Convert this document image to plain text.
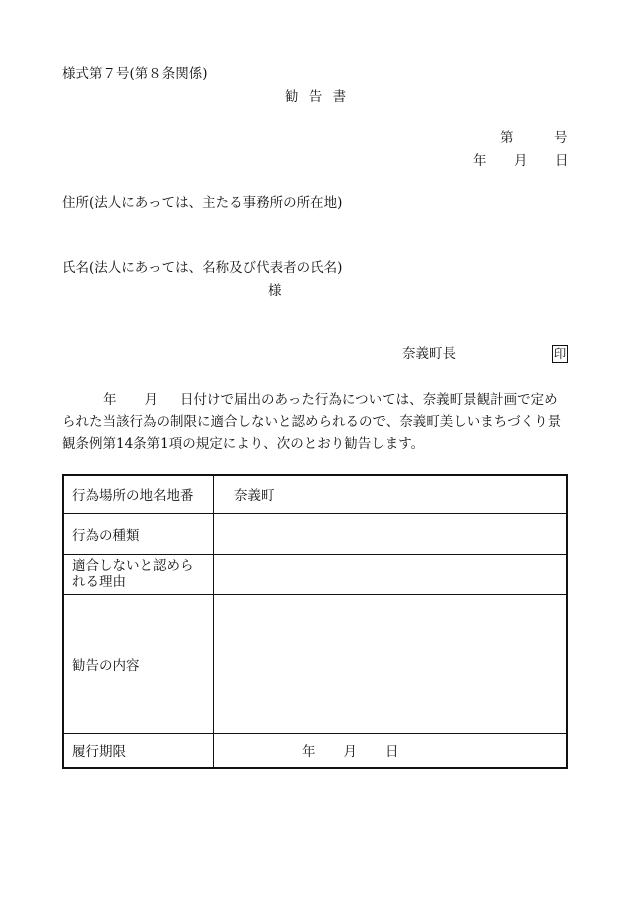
様式第７号(第８条関係)
勧 告 書
第	号
年 月 日
住所(法人にあっては、主たる事務所の所在地)
氏名(法人にあっては、名称及び代表者の氏名)
様
奈義町長	印
年 月 日付けで届出のあった行為については、奈義町景観計画で定め
られた当該行為の制限に適合しないと認められるので、奈義町美しいまちづくり景
観条例第14条第1項の規定により、次のとおり勧告します。
行為場所の地名地番	奈義町
行為の種類	
適合しないと認められる理由	
勧告の内容	
履行期限	年 月 日
